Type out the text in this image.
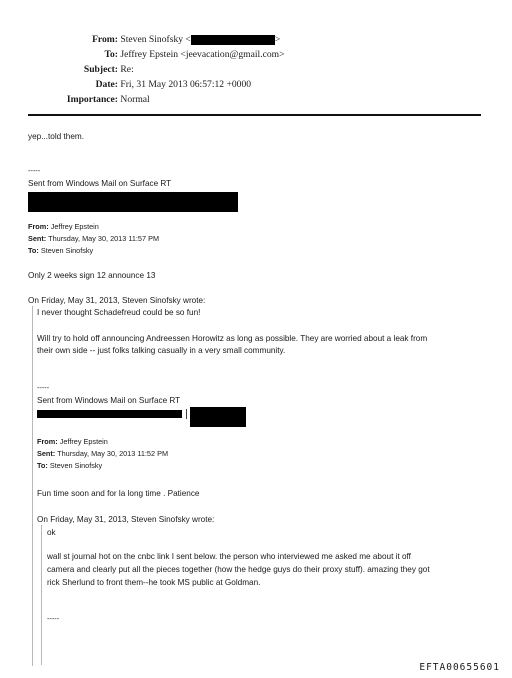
From: Steven Sinofsky <	>
To: Jeffrey Epstein <jeevacation@gmail.com>
Subject: Re:
Date: Fri, 31 May 2013 06:57:12 +0000
Importance: Normal
yep...told them.
-----
Sent from Windows Mail on Surface RT
From: Jeffrey Epstein
Sent: Thursday, May 30, 2013 11:57 PM
To: Steven Sinofsky
Only 2 weeks sign 12 announce 13
On Friday, May 31, 2013, Steven Sinofsky wrote:
I never thought Schadefreud could be so fun!
Will try to hold off announcing Andreessen Horowitz as long as possible. They are worried about a leak from
their own side -- just folks talking casually in a very small community.
-----
Sent from Windows Mail on Surface RT
From: Jeffrey Epstein
Sent: Thursday, May 30, 2013 11:52 PM
To: Steven Sinofsky
Fun time soon and for la long time . Patience
On Friday, May 31, 2013, Steven Sinofsky wrote:
ok
wall st journal hot on the cnbc link I sent below. the person who interviewed me asked me about it off
camera and clearly put all the pieces together (how the hedge guys do their proxy stuff). amazing they got
rick Sherlund to front them--he took MS public at Goldman.
-----
EFTA00655601
